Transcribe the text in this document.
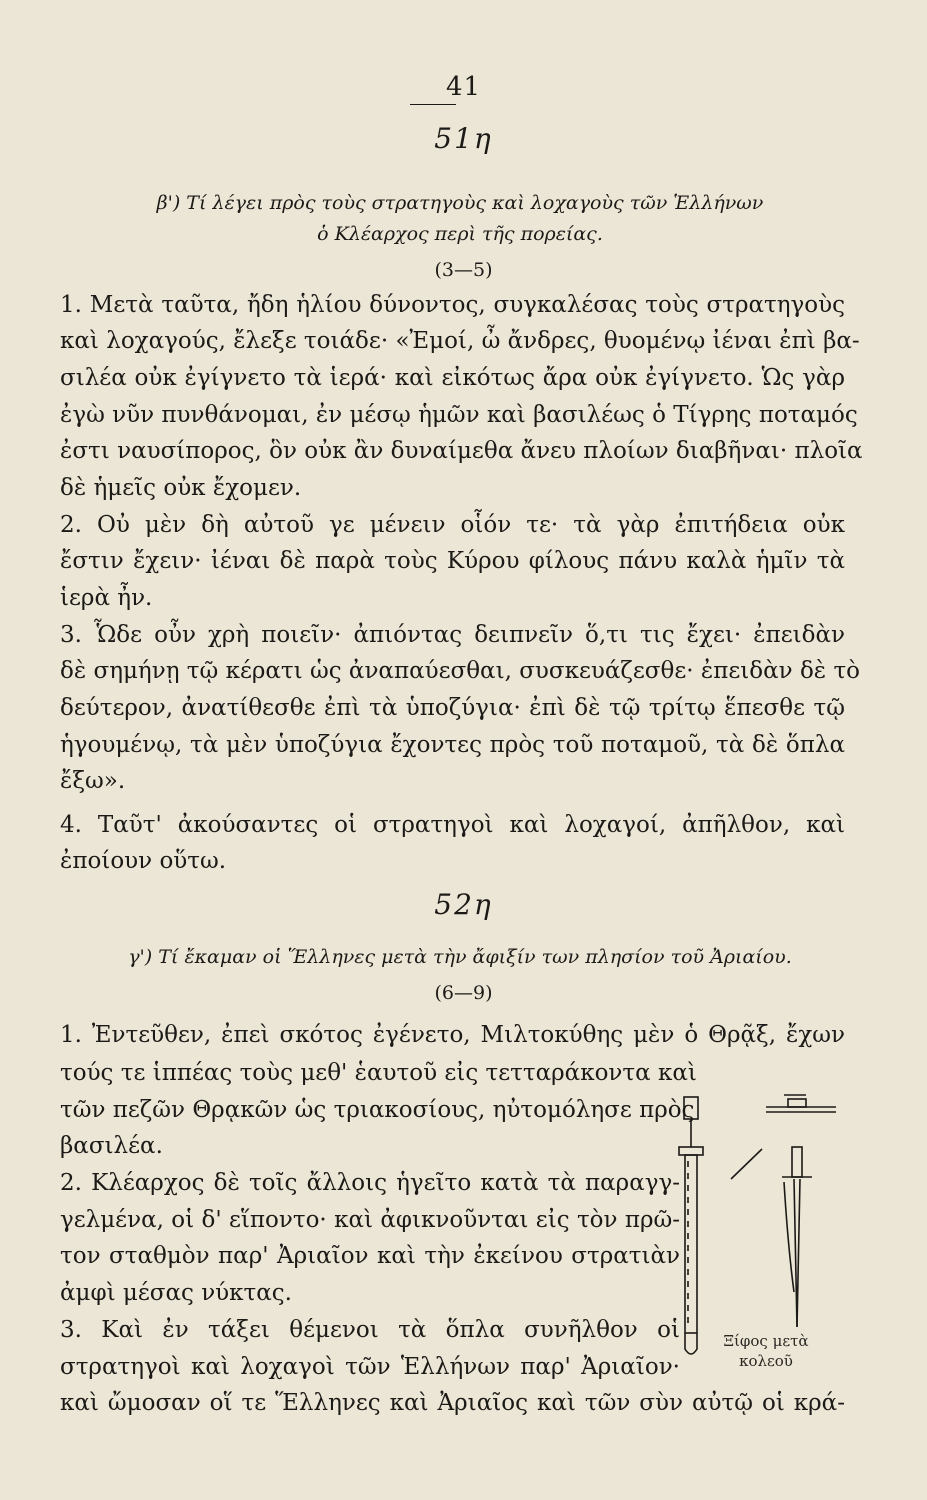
41
51η
β') Τί λέγει πρὸς τοὺς στρατηγοὺς καὶ λοχαγοὺς τῶν Ἑλλήνων
ὁ Κλέαρχος περὶ τῆς πορείας.
(3—5)
1. Μετὰ ταῦτα, ἤδη ἡλίου δύνοντος, συγκαλέσας τοὺς στρατηγοὺς
καὶ λοχαγούς, ἔλεξε τοιάδε· «Ἐμοί, ὦ ἄνδρες, θυομένῳ ἰέναι ἐπὶ βα-
σιλέα οὐκ ἐγίγνετο τὰ ἱερά· καὶ εἰκότως ἄρα οὐκ ἐγίγνετο. Ὡς γὰρ
ἐγὼ νῦν πυνθάνομαι, ἐν μέσῳ ἡμῶν καὶ βασιλέως ὁ Τίγρης ποταμός
ἐστι ναυσίπορος, ὃν οὐκ ἂν δυναίμεθα ἄνευ πλοίων διαβῆναι· πλοῖα
δὲ ἡμεῖς οὐκ ἔχομεν.
2. Οὐ μὲν δὴ αὐτοῦ γε μένειν οἷόν τε· τὰ γὰρ ἐπιτήδεια οὐκ
ἔστιν ἔχειν· ἰέναι δὲ παρὰ τοὺς Κύρου φίλους πάνυ καλὰ ἡμῖν τὰ
ἱερὰ ἦν.
3. Ὧδε οὖν χρὴ ποιεῖν· ἀπιόντας δειπνεῖν ὅ,τι τις ἔχει· ἐπειδὰν
δὲ σημήνῃ τῷ κέρατι ὡς ἀναπαύεσθαι, συσκευάζεσθε· ἐπειδὰν δὲ τὸ
δεύτερον, ἀνατίθεσθε ἐπὶ τὰ ὑποζύγια· ἐπὶ δὲ τῷ τρίτῳ ἕπεσθε τῷ
ἡγουμένῳ, τὰ μὲν ὑποζύγια ἔχοντες πρὸς τοῦ ποταμοῦ, τὰ δὲ ὅπλα
ἔξω».
4. Ταῦτ' ἀκούσαντες οἱ στρατηγοὶ καὶ λοχαγοί, ἀπῆλθον, καὶ
ἐποίουν οὕτω.
52η
γ') Τί ἔκαμαν οἱ Ἕλληνες μετὰ τὴν ἄφιξίν των πλησίον τοῦ Ἀριαίου.
(6—9)
1. Ἐντεῦθεν, ἐπεὶ σκότος ἐγένετο, Μιλτοκύθης μὲν ὁ Θρᾷξ, ἔχων
τούς τε ἱππέας τοὺς μεθ' ἑαυτοῦ εἰς τετταράκοντα καὶ
τῶν πεζῶν Θρᾳκῶν ὡς τριακοσίους, ηὐτομόλησε πρὸς
βασιλέα.
2. Κλέαρχος δὲ τοῖς ἄλλοις ἡγεῖτο κατὰ τὰ παραγγ-
γελμένα, οἱ δ' εἵποντο· καὶ ἀφικνοῦνται εἰς τὸν πρῶ-
τον σταθμὸν παρ' Ἀριαῖον καὶ τὴν ἐκείνου στρατιὰν
ἀμφὶ μέσας νύκτας.
3. Καὶ ἐν τάξει θέμενοι τὰ ὅπλα συνῆλθον οἱ
στρατηγοὶ καὶ λοχαγοὶ τῶν Ἑλλήνων παρ' Ἀριαῖον·
καὶ ὤμοσαν οἵ τε Ἕλληνες καὶ Ἀριαῖος καὶ τῶν σὺν αὐτῷ οἱ κρά-
Ξίφος μετὰ
κολεοῦ
